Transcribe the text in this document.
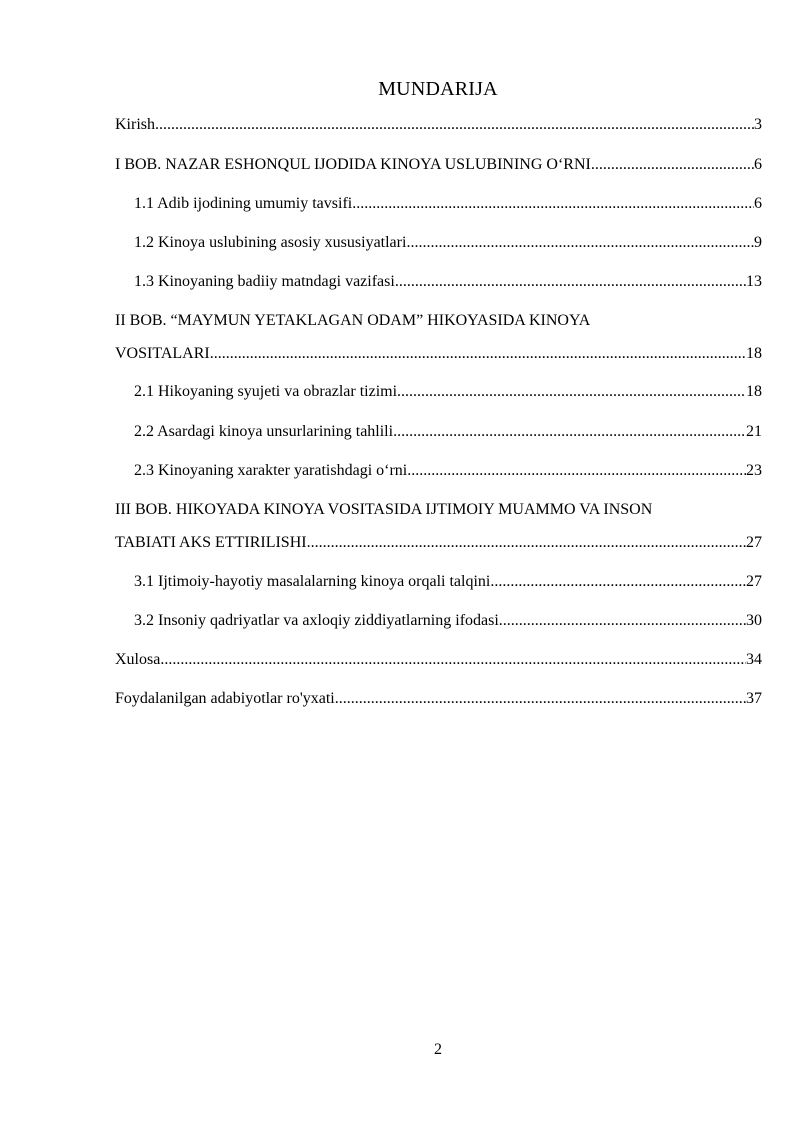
MUNDARIJA
Kirish .....	3
I BOB. NAZAR ESHONQUL IJODIDA KINOYA USLUBINING O‘RNI .....	6
1.1 Adib ijodining umumiy tavsifi .....	6
1.2 Kinoya uslubining asosiy xususiyatlari .....	9
1.3 Kinoyaning badiiy matndagi vazifasi .....	13
II BOB. “MAYMUN YETAKLAGAN ODAM” HIKOYASIDA KINOYA
VOSITALARI .....	18
2.1 Hikoyaning syujeti va obrazlar tizimi .....	18
2.2 Asardagi kinoya unsurlarining tahlili .....	21
2.3 Kinoyaning xarakter yaratishdagi o‘rni .....	23
III BOB. HIKOYADA KINOYA VOSITASIDA IJTIMOIY MUAMMO VA INSON
TABIATI AKS ETTIRILISHI .....	27
3.1 Ijtimoiy-hayotiy masalalarning kinoya orqali talqini .....	27
3.2 Insoniy qadriyatlar va axloqiy ziddiyatlarning ifodasi .....	30
Xulosa .....	34
Foydalanilgan adabiyotlar ro'yxati .....	37
2
